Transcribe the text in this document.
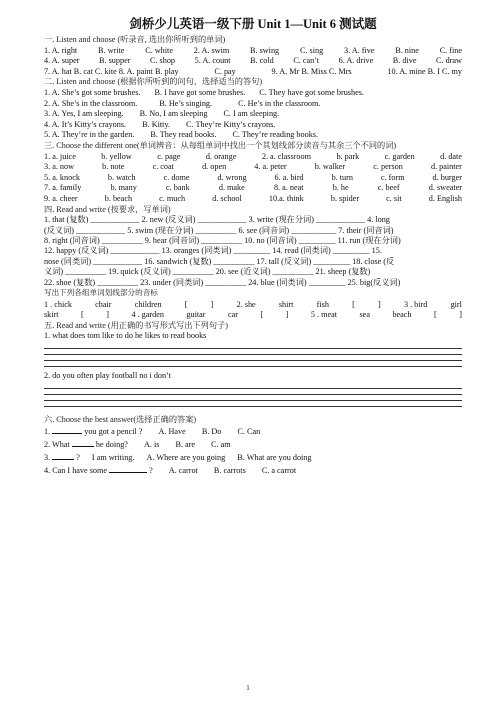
剑桥少儿英语一级下册 Unit 1—Unit 6 测试题
一. Listen and choose (听录音, 选出你所听到的单词)
1. A. right	B. write	C. white	2. A. swim	B. swing	C. sing	3. A. five	B. nine	C. fine
4. A. super B. supper C. shop 5. A. count B. cold C. can’t 6. A. drive B. dive C. draw
7. A. hat B. cat C. kite 8. A. paint B. play	C. pay	9. A. Mr B. Miss C. Mrs	10. A. mine B. I C. my
二. Listen and choose (根据你所听到的问句，选择适当的答句)
1. A. She’s got some brushes. B. I have got some brushes. C. They have got some brushes.
2. A. She’s in the classroom.	B. He’s singing.	C. He’s in the classroom.
3. A. Yes, I am sleeping. B. No, I am sleeping C. I am sleeping.
4. A. It’s Kitty’s crayons. B. Kitty. C. They’re Kitty’s crayons.
5. A. They’re in the garden. B. They read books. C. They’re reading books.
三. Choose the different one(单词辨音：从每组单词中找出一个其划线部分读音与其余三个不同的词)
1. a. juice	b. yellow	c. page	d. orange	2. a. classroom	b. park	c. garden	d. date
3. a. now	b. note	c. coat	d. open	4. a. peter	b. walker	c. person	d. painter
5. a. knock	b. watch	c. dome	d. wrong	6. a. bird	b. turn	c. form	d. burger
7. a. family	b. many	c. bank	d. make	8. a. neat	b. he	c. beef	d. sweater
9. a. cheer	b. beach	c. much	d. school	10.a. think	b. spider	c. sit	d. English
四. Read and write (按要求，写单词)
1. that (复数) ____________ 2. new (反义词) ____________ 3. write (现在分词) ____________ 4. long
(反义词) ____________ 5. swim (现在分词) __________ 6. see (同音词) ___________ 7. their (同音词)
8. right (同音词) __________ 9. hear (同音词) __________ 10. no (同音词) _________ 11. run (现在分词)
12. happy (反义词) ____________ 13. oranges (同类词) _________ 14. read (同类词) _________ 15.
nose (同类词) ____________ 16. sandwich (复数) __________ 17. tall (反义词) _________ 18. close (反
义词) __________ 19. quick (反义词) __________ 20. see (近义词) __________ 21. sheep (复数)
22. shoe (复数) __________ 23. under (同类词) __________ 24. blue (同类词) _________ 25. big(反义词)
写出下列各组单词划线部分的音标
1 . chick	chair	children	[	]	2. she	shirt	fish	[	]	3 . bird	girl
skirt	[	]	4 . garden	guitar	car	[	]	5 . meat	sea	beach	[	]
五. Read and write (用正确的书写形式写出下列句子)
1. what does tom like to do he likes to read books
2. do you often play football no i don’t
六. Choose the best answer(选择正确的答案)
1.	you got a pencil ? A. Have B. Do C. Can
2. What	he doing? A. is B. are C. am
3.	? I am writing. A. Where are you going B. What are you doing
4. Can I have some	? A. carrot B. carrots C. a carrot
1
